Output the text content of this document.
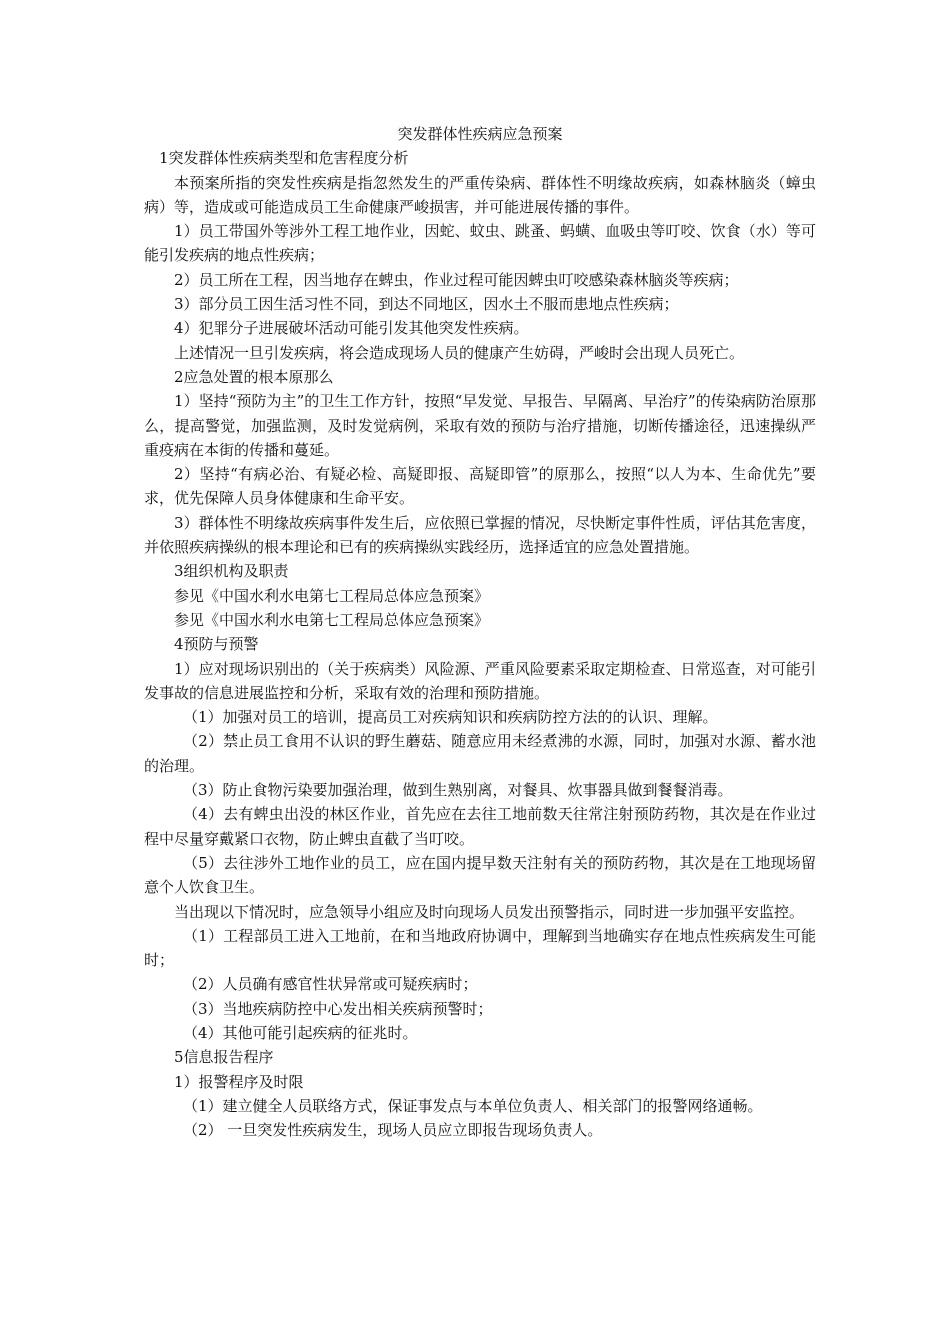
突发群体性疾病应急预案

1突发群体性疾病类型和危害程度分析

本预案所指的突发性疾病是指忽然发生的严重传染病、群体性不明缘故疾病，如森林脑炎（蟑虫病）等，造成或可能造成员工生命健康严峻损害，并可能进展传播的事件。

1）员工带国外等涉外工程工地作业，因蛇、蚊虫、跳蚤、蚂蟥、血吸虫等叮咬、饮食（水）等可能引发疾病的地点性疾病；

2）员工所在工程，因当地存在蜱虫，作业过程可能因蜱虫叮咬感染森林脑炎等疾病；

3）部分员工因生活习性不同，到达不同地区，因水土不服而患地点性疾病；

4）犯罪分子进展破坏活动可能引发其他突发性疾病。

上述情况一旦引发疾病，将会造成现场人员的健康产生妨碍，严峻时会出现人员死亡。

2应急处置的根本原那么

1）坚持“预防为主”的卫生工作方针，按照“早发觉、早报告、早隔离、早治疗”的传染病防治原那么，提高警觉，加强监测，及时发觉病例，采取有效的预防与治疗措施，切断传播途径，迅速操纵严重疫病在本街的传播和蔓延。

2）坚持“有病必治、有疑必检、高疑即报、高疑即管”的原那么，按照“以人为本、生命优先”要求，优先保障人员身体健康和生命平安。

3）群体性不明缘故疾病事件发生后，应依照已掌握的情况，尽快断定事件性质，评估其危害度，并依照疾病操纵的根本理论和已有的疾病操纵实践经历，选择适宜的应急处置措施。

3组织机构及职责

参见《中国水利水电第七工程局总体应急预案》

参见《中国水利水电第七工程局总体应急预案》

4预防与预警

1）应对现场识别出的（关于疾病类）风险源、严重风险要素采取定期检查、日常巡查，对可能引发事故的信息进展监控和分析，采取有效的治理和预防措施。

（1）加强对员工的培训，提高员工对疾病知识和疾病防控方法的的认识、理解。

（2）禁止员工食用不认识的野生蘑菇、随意应用未经煮沸的水源，同时，加强对水源、蓄水池的治理。

（3）防止食物污染要加强治理，做到生熟别离，对餐具、炊事器具做到餐餐消毒。

（4）去有蜱虫出没的林区作业，首先应在去往工地前数天往常注射预防药物，其次是在作业过程中尽量穿戴紧口衣物，防止蜱虫直截了当叮咬。

（5）去往涉外工地作业的员工，应在国内提早数天注射有关的预防药物，其次是在工地现场留意个人饮食卫生。

当出现以下情况时，应急领导小组应及时向现场人员发出预警指示，同时进一步加强平安监控。

（1）工程部员工进入工地前，在和当地政府协调中，理解到当地确实存在地点性疾病发生可能时；

（2）人员确有感官性状异常或可疑疾病时；

（3）当地疾病防控中心发出相关疾病预警时；

（4）其他可能引起疾病的征兆时。

5信息报告程序

1）报警程序及时限

（1）建立健全人员联络方式，保证事发点与本单位负责人、相关部门的报警网络通畅。

（2） 一旦突发性疾病发生，现场人员应立即报告现场负责人。
